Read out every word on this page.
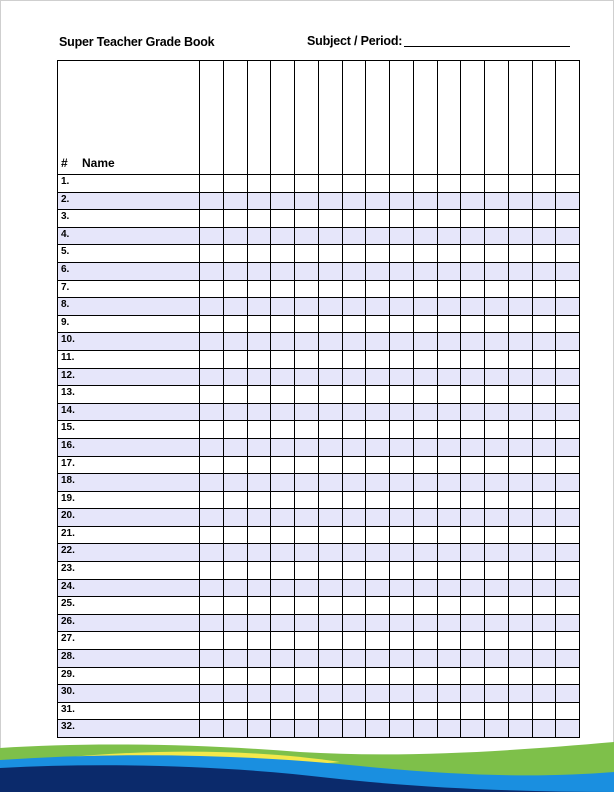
Super Teacher Grade Book	Subject / Period:
# Name																
1.																
2.																
3.																
4.																
5.																
6.																
7.																
8.																
9.																
10.																
11.																
12.																
13.																
14.																
15.																
16.																
17.																
18.																
19.																
20.																
21.																
22.																
23.																
24.																
25.																
26.																
27.																
28.																
29.																
30.																
31.																
32.																
